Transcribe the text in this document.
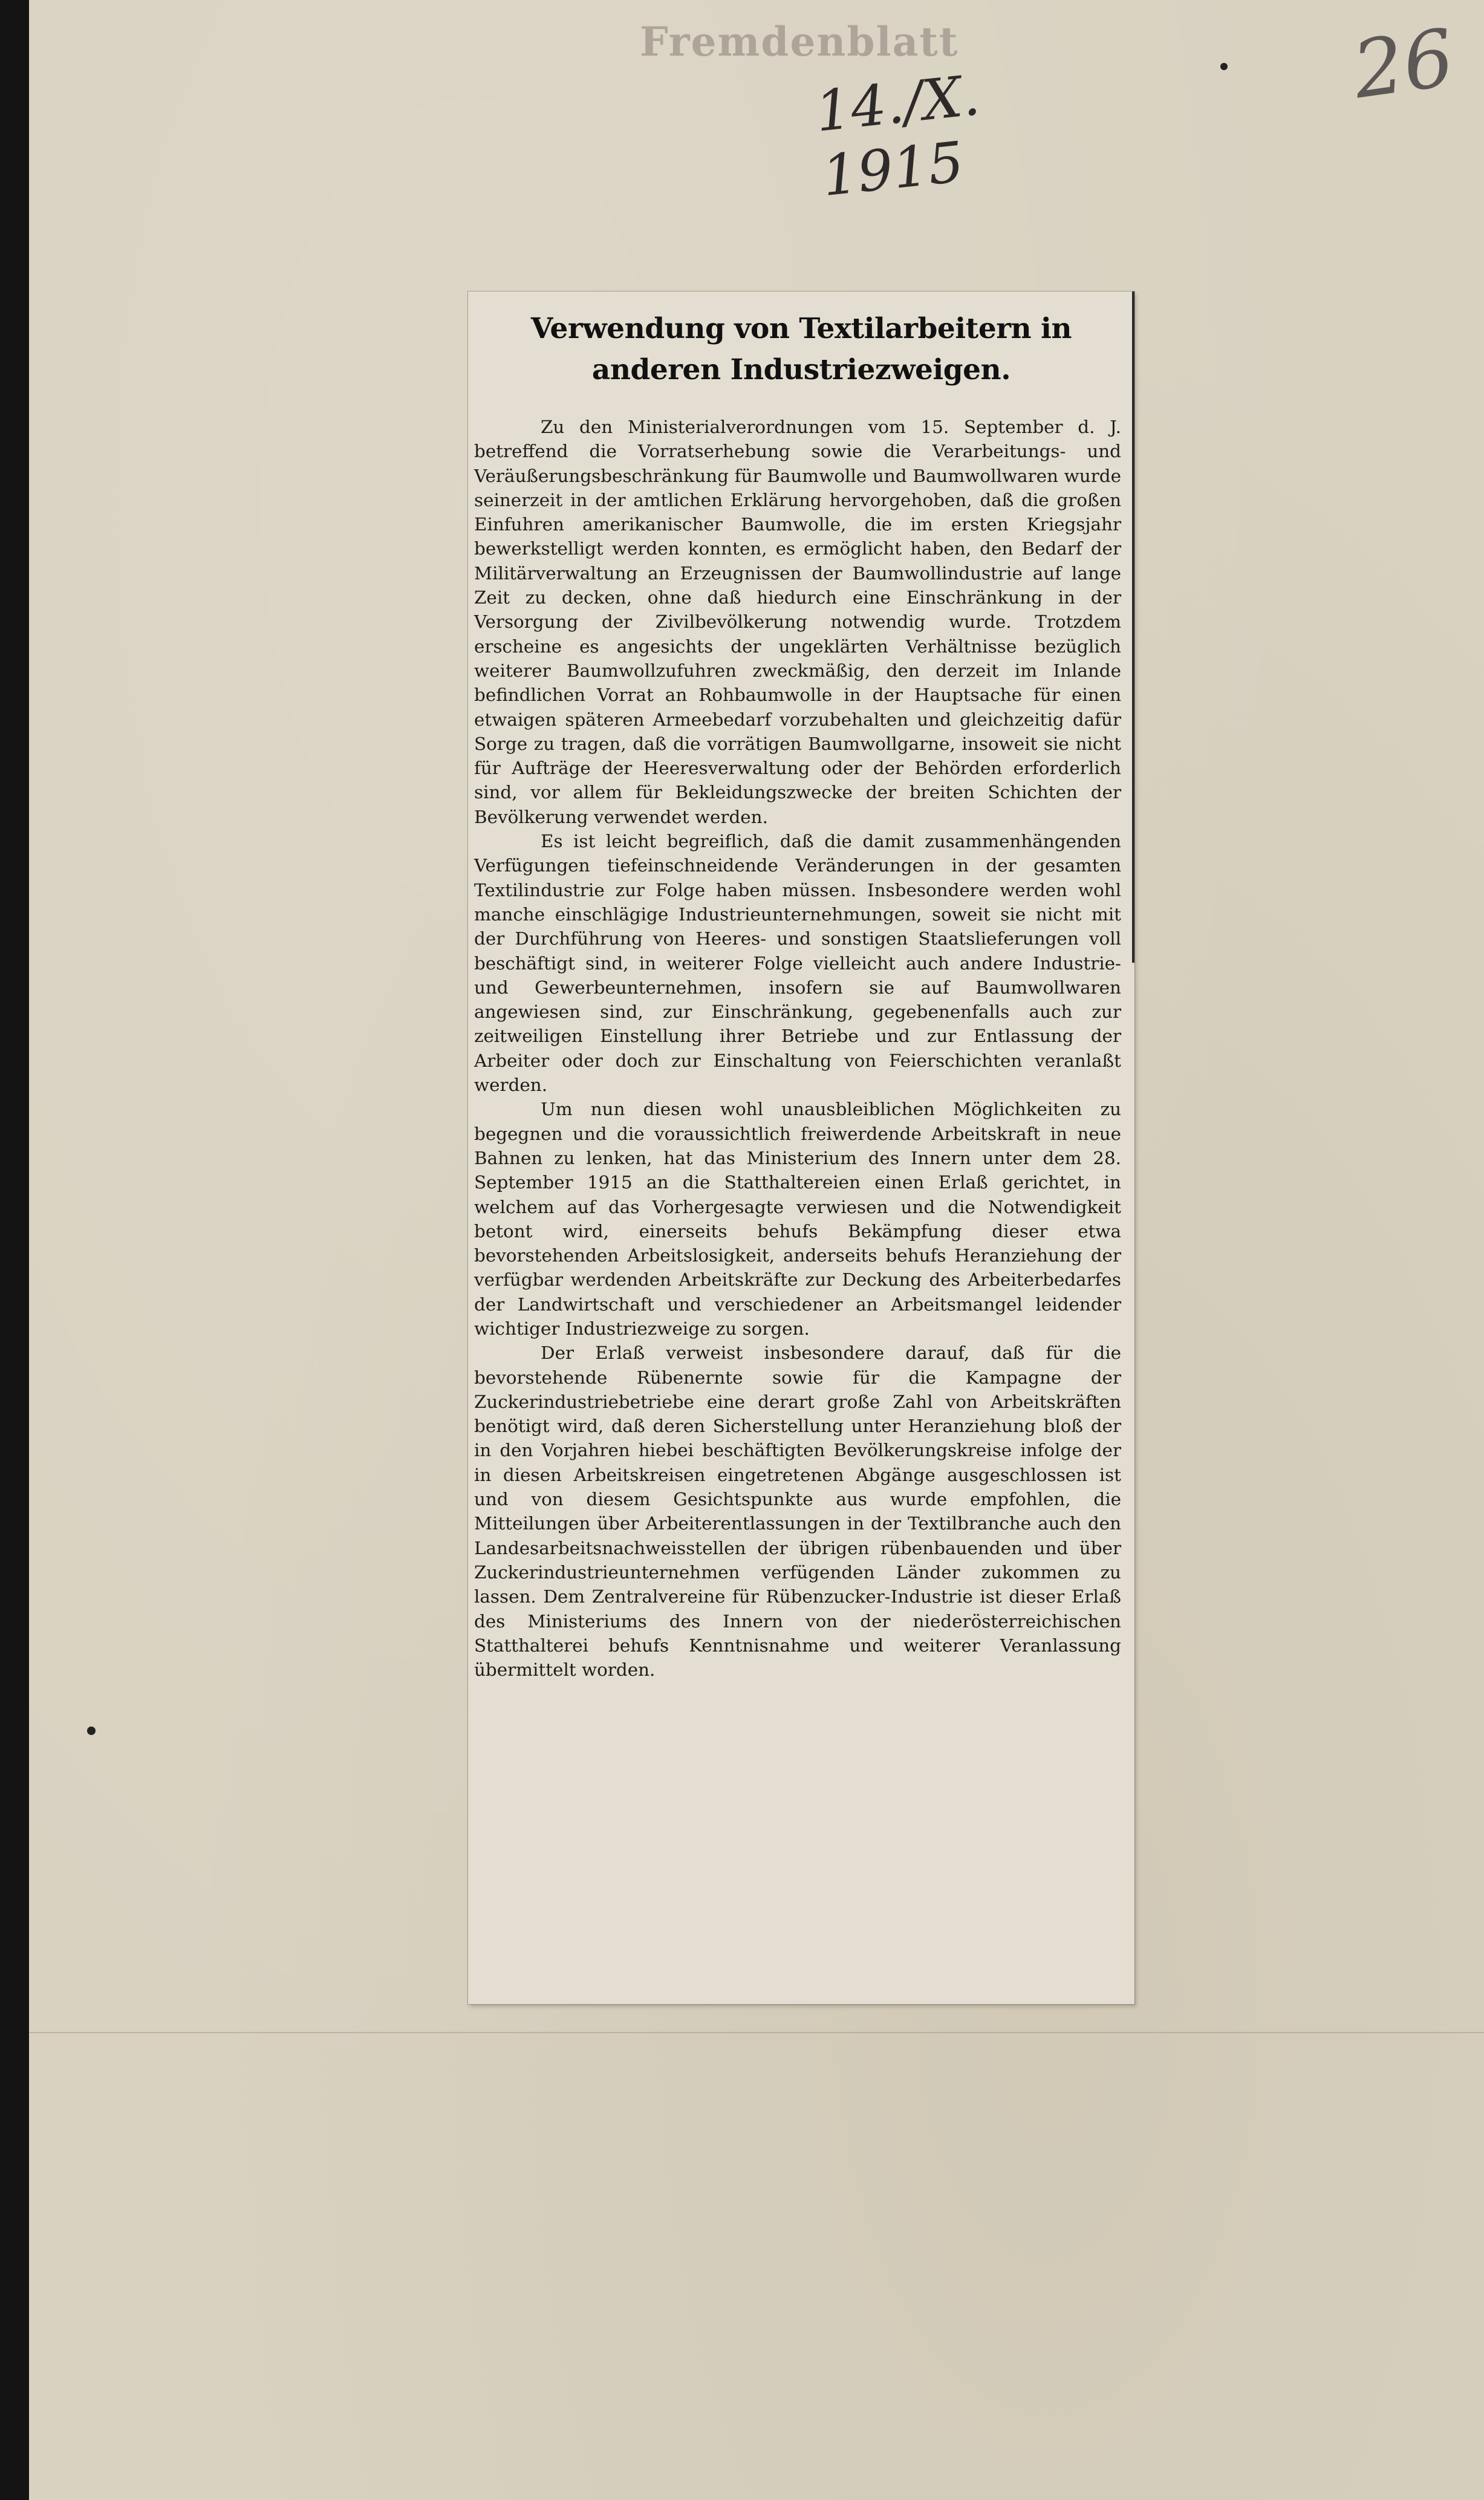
Fremdenblatt
14./X. 1915
26
Verwendung von Textilarbeitern in anderen Industriezweigen.

Zu den Ministerialverordnungen vom 15. September d. J. betreffend die Vorratserhebung sowie die Verarbeitungs- und Veräußerungsbeschränkung für Baumwolle und Baumwollwaren wurde seinerzeit in der amtlichen Erklärung hervorgehoben, daß die großen Einfuhren amerikanischer Baumwolle, die im ersten Kriegsjahr bewerkstelligt werden konnten, es ermöglicht haben, den Bedarf der Militärverwaltung an Erzeugnissen der Baumwollindustrie auf lange Zeit zu decken, ohne daß hiedurch eine Einschränkung in der Versorgung der Zivilbevölkerung notwendig wurde. Trotzdem erscheine es angesichts der ungeklärten Verhältnisse bezüglich weiterer Baumwollzufuhren zweckmäßig, den derzeit im Inlande befindlichen Vorrat an Rohbaumwolle in der Hauptsache für einen etwaigen späteren Armeebedarf vorzubehalten und gleichzeitig dafür Sorge zu tragen, daß die vorrätigen Baumwollgarne, insoweit sie nicht für Aufträge der Heeresverwaltung oder der Behörden erforderlich sind, vor allem für Bekleidungszwecke der breiten Schichten der Bevölkerung verwendet werden.

Es ist leicht begreiflich, daß die damit zusammenhängenden Verfügungen tiefeinschneidende Veränderungen in der gesamten Textilindustrie zur Folge haben müssen. Insbesondere werden wohl manche einschlägige Industrieunternehmungen, soweit sie nicht mit der Durchführung von Heeres- und sonstigen Staatslieferungen voll beschäftigt sind, in weiterer Folge vielleicht auch andere Industrie- und Gewerbeunternehmen, insofern sie auf Baumwollwaren angewiesen sind, zur Einschränkung, gegebenenfalls auch zur zeitweiligen Einstellung ihrer Betriebe und zur Entlassung der Arbeiter oder doch zur Einschaltung von Feierschichten veranlaßt werden.

Um nun diesen wohl unausbleiblichen Möglichkeiten zu begegnen und die voraussichtlich freiwerdende Arbeitskraft in neue Bahnen zu lenken, hat das Ministerium des Innern unter dem 28. September 1915 an die Statthaltereien einen Erlaß gerichtet, in welchem auf das Vorhergesagte verwiesen und die Notwendigkeit betont wird, einerseits behufs Bekämpfung dieser etwa bevorstehenden Arbeitslosigkeit, anderseits behufs Heranziehung der verfügbar werdenden Arbeitskräfte zur Deckung des Arbeiterbedarfes der Landwirtschaft und verschiedener an Arbeitsmangel leidender wichtiger Industriezweige zu sorgen.

Der Erlaß verweist insbesondere darauf, daß für die bevorstehende Rübenernte sowie für die Kampagne der Zuckerindustriebetriebe eine derart große Zahl von Arbeitskräften benötigt wird, daß deren Sicherstellung unter Heranziehung bloß der in den Vorjahren hiebei beschäftigten Bevölkerungskreise infolge der in diesen Arbeitskreisen eingetretenen Abgänge ausgeschlossen ist und von diesem Gesichtspunkte aus wurde empfohlen, die Mitteilungen über Arbeiterentlassungen in der Textilbranche auch den Landesarbeitsnachweisstellen der übrigen rübenbauenden und über Zuckerindustrieunternehmen verfügenden Länder zukommen zu lassen. Dem Zentralvereine für Rübenzucker-Industrie ist dieser Erlaß des Ministeriums des Innern von der niederösterreichischen Statthalterei behufs Kenntnisnahme und weiterer Veranlassung übermittelt worden.
